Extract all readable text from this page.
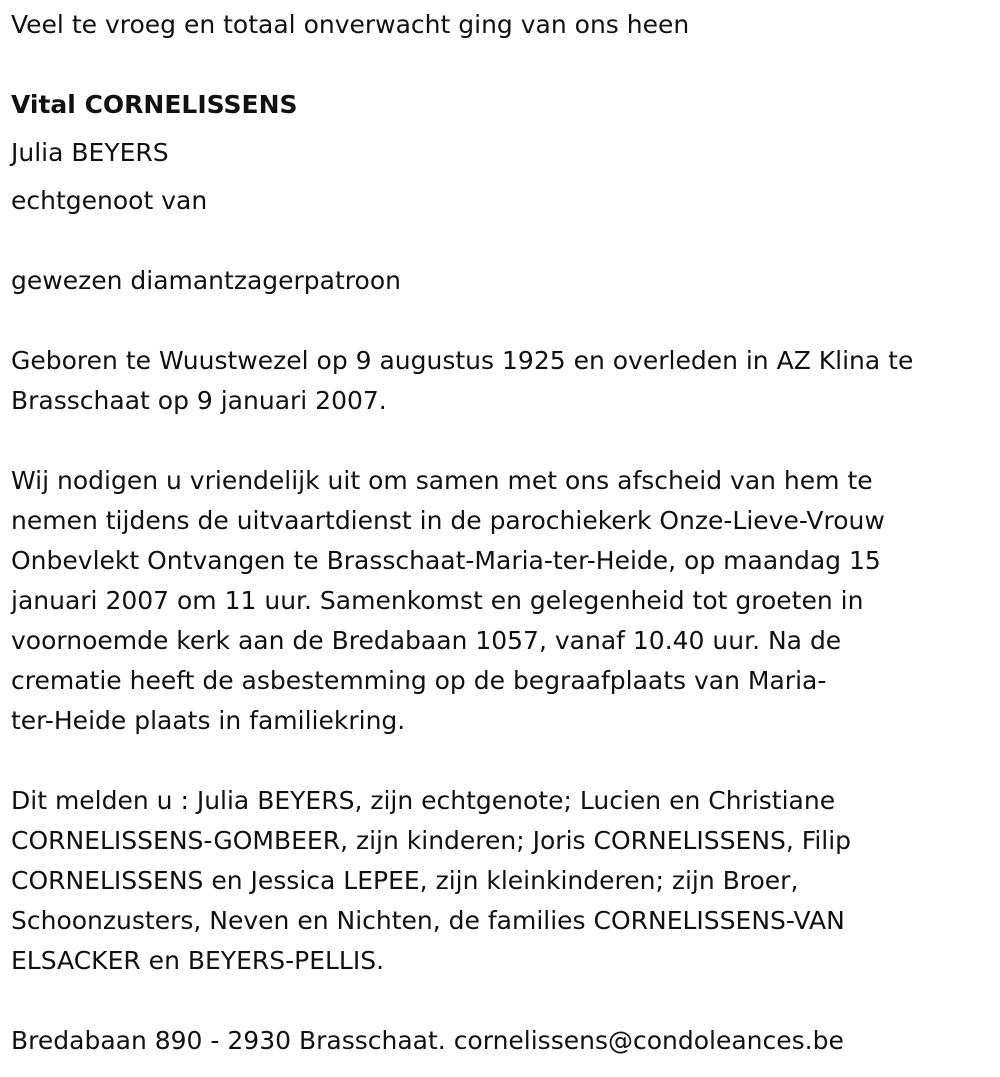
Veel te vroeg en totaal onverwacht ging van ons heen

Vital CORNELISSENS

Julia BEYERS

echtgenoot van

gewezen diamantzagerpatroon

Geboren te Wuustwezel op 9 augustus 1925 en overleden in AZ Klina te
Brasschaat op 9 januari 2007.

Wij nodigen u vriendelijk uit om samen met ons afscheid van hem te
nemen tijdens de uitvaartdienst in de parochiekerk Onze-Lieve-Vrouw
Onbevlekt Ontvangen te Brasschaat-Maria-ter-Heide, op maandag 15
januari 2007 om 11 uur. Samenkomst en gelegenheid tot groeten in
voornoemde kerk aan de Bredabaan 1057, vanaf 10.40 uur. Na de
crematie heeft de asbestemming op de begraafplaats van Maria-
ter-Heide plaats in familiekring.

Dit melden u : Julia BEYERS, zijn echtgenote; Lucien en Christiane
CORNELISSENS-GOMBEER, zijn kinderen; Joris CORNELISSENS, Filip
CORNELISSENS en Jessica LEPEE, zijn kleinkinderen; zijn Broer,
Schoonzusters, Neven en Nichten, de families CORNELISSENS-VAN
ELSACKER en BEYERS-PELLIS.

Bredabaan 890 - 2930 Brasschaat. cornelissens@condoleances.be
